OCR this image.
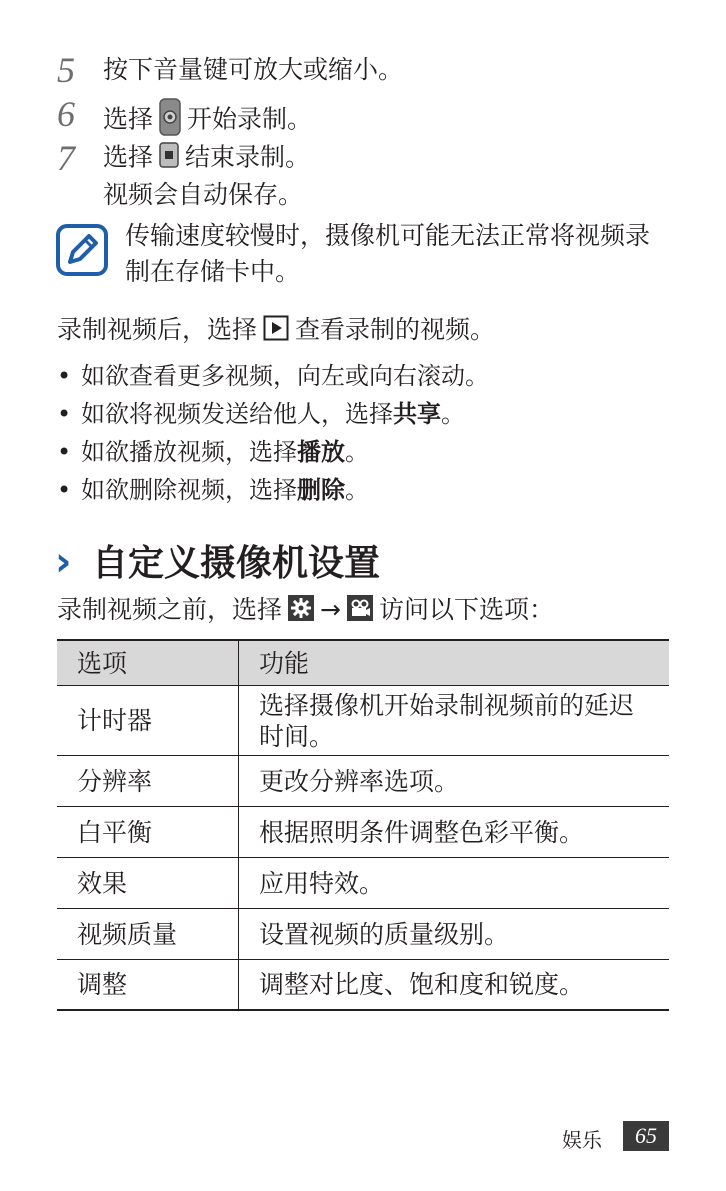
5 按下音量键可放大或缩小。
6 选择 开始录制。
7 选择 结束录制。
视频会自动保存。
传输速度较慢时，摄像机可能无法正常将视频录制在存储卡中。
录制视频后，选择 查看录制的视频。
• 如欲查看更多视频，向左或向右滚动。
• 如欲将视频发送给他人，选择共享。
• 如欲播放视频，选择播放。
• 如欲删除视频，选择删除。
› 自定义摄像机设置
录制视频之前，选择 → 访问以下选项：
选项	功能
计时器	选择摄像机开始录制视频前的延迟时间。
分辨率	更改分辨率选项。
白平衡	根据照明条件调整色彩平衡。
效果	应用特效。
视频质量	设置视频的质量级别。
调整	调整对比度、饱和度和锐度。
娱乐	65
